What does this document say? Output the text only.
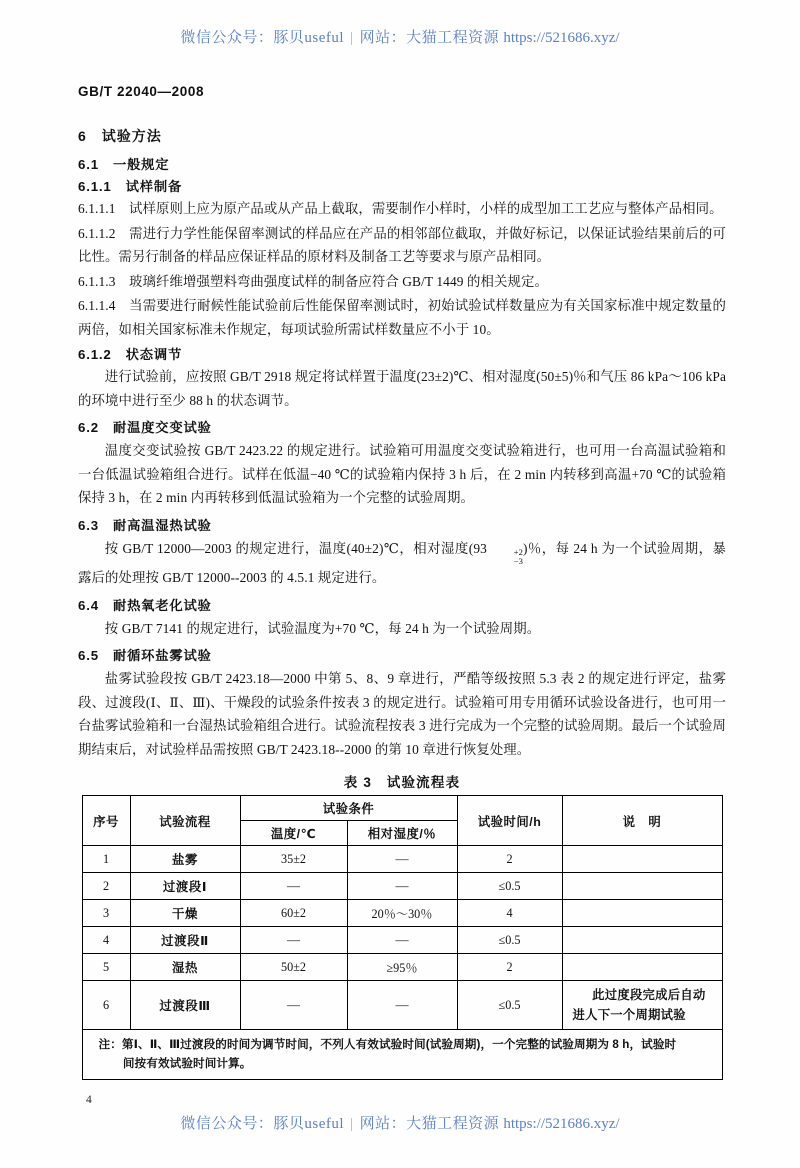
微信公众号：豚贝useful | 网站：大猫工程资源 https://521686.xyz/
GB/T 22040—2008
6　试验方法
6.1　一般规定
6.1.1　试样制备

6.1.1.1　试样原则上应为原产品或从产品上截取，需要制作小样时，小样的成型加工工艺应与整体产品相同。

6.1.1.2　需进行力学性能保留率测试的样品应在产品的相邻部位截取，并做好标记，以保证试验结果前后的可比性。需另行制备的样品应保证样品的原材料及制备工艺等要求与原产品相同。

6.1.1.3　玻璃纤维增强塑料弯曲强度试样的制备应符合 GB/T 1449 的相关规定。

6.1.1.4　当需要进行耐候性能试验前后性能保留率测试时，初始试验试样数量应为有关国家标准中规定数量的两倍，如相关国家标准未作规定，每项试验所需试样数量应不小于 10。

6.1.2　状态调节

进行试验前，应按照 GB/T 2918 规定将试样置于温度(23±2)℃、相对湿度(50±5)％和气压 86 kPa～106 kPa 的环境中进行至少 88 h 的状态调节。

6.2　耐温度交变试验

温度交变试验按 GB/T 2423.22 的规定进行。试验箱可用温度交变试验箱进行，也可用一台高温试验箱和一台低温试验箱组合进行。试样在低温−40 ℃的试验箱内保持 3 h 后，在 2 min 内转移到高温+70 ℃的试验箱保持 3 h，在 2 min 内再转移到低温试验箱为一个完整的试验周期。

6.3　耐高温湿热试验

按 GB/T 12000—2003 的规定进行，温度(40±2)℃，相对湿度(93	+2
−3
)％，每 24 h 为一个试验周期，暴露后的处理按 GB/T 12000--2003 的 4.5.1 规定进行。

6.4　耐热氧老化试验

按 GB/T 7141 的规定进行，试验温度为+70 ℃，每 24 h 为一个试验周期。

6.5　耐循环盐雾试验

盐雾试验段按 GB/T 2423.18—2000 中第 5、8、9 章进行，严酷等级按照 5.3 表 2 的规定进行评定，盐雾段、过渡段(Ⅰ、Ⅱ、Ⅲ)、干燥段的试验条件按表 3 的规定进行。试验箱可用专用循环试验设备进行，也可用一台盐雾试验箱和一台湿热试验箱组合进行。试验流程按表 3 进行完成为一个完整的试验周期。最后一个试验周期结束后，对试验样品需按照 GB/T 2423.18--2000 的第 10 章进行恢复处理。

表 3　试验流程表
序号	试验流程	试验条件		试验时间/h	说　明
		温度/℃	相对湿度/％		
1	盐雾	35±2	—	2	
2	过渡段Ⅰ	—	—	≤0.5	
3	干燥	60±2	20％～30％	4	
4	过渡段Ⅱ	—	—	≤0.5	
5	湿热	50±2	≥95％	2	
6	过渡段Ⅲ	—	—	≤0.5	此过度段完成后自动进人下一个周期试验

注：第Ⅰ、Ⅱ、Ⅲ过渡段的时间为调节时间，不列人有效试验时间(试验周期)，一个完整的试验周期为 8 h，试验时
间按有效试验时间计算。					
4
微信公众号：豚贝useful | 网站：大猫工程资源 https://521686.xyz/
